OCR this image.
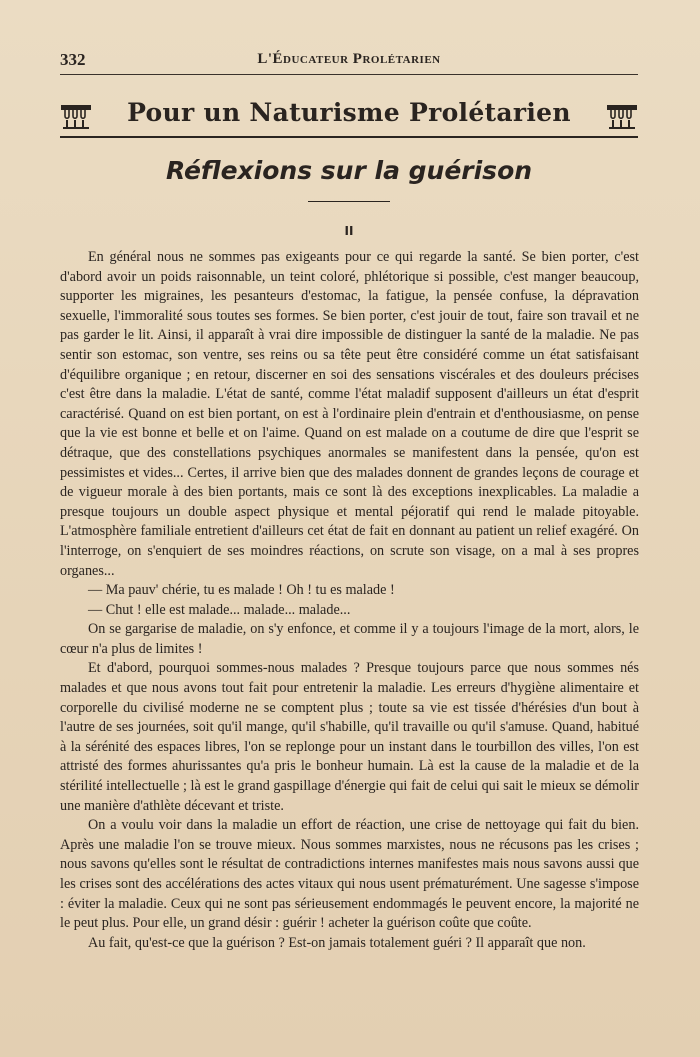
332	L'Éducateur Prolétarien
Pour un Naturisme Prolétarien
Réflexions sur la guérison
II

En général nous ne sommes pas exigeants pour ce qui regarde la santé. Se bien porter, c'est d'abord avoir un poids raisonnable, un teint coloré, phlétorique si possible, c'est manger beaucoup, supporter les migraines, les pesanteurs d'estomac, la fatigue, la pensée confuse, la dépravation sexuelle, l'immoralité sous toutes ses formes. Se bien porter, c'est jouir de tout, faire son travail et ne pas garder le lit. Ainsi, il apparaît à vrai dire impossible de distinguer la santé de la maladie. Ne pas sentir son estomac, son ventre, ses reins ou sa tête peut être considéré comme un état satisfaisant d'équilibre organique ; en retour, discerner en soi des sensations viscérales et des douleurs précises c'est être dans la maladie. L'état de santé, comme l'état maladif supposent d'ailleurs un état d'esprit caractérisé. Quand on est bien portant, on est à l'ordinaire plein d'entrain et d'enthousiasme, on pense que la vie est bonne et belle et on l'aime. Quand on est malade on a coutume de dire que l'esprit se détraque, que des constellations psychiques anormales se manifestent dans la pensée, qu'on est pessimistes et vides... Certes, il arrive bien que des malades donnent de grandes leçons de courage et de vigueur morale à des bien portants, mais ce sont là des exceptions inexplicables. La maladie a presque toujours un double aspect physique et mental péjoratif qui rend le malade pitoyable. L'atmosphère familiale entretient d'ailleurs cet état de fait en donnant au patient un relief exagéré. On l'interroge, on s'enquiert de ses moindres réactions, on scrute son visage, on a mal à ses propres organes...

— Ma pauv' chérie, tu es malade ! Oh ! tu es malade !

— Chut ! elle est malade... malade... malade...

On se gargarise de maladie, on s'y enfonce, et comme il y a toujours l'image de la mort, alors, le cœur n'a plus de limites !

Et d'abord, pourquoi sommes-nous malades ? Presque toujours parce que nous sommes nés malades et que nous avons tout fait pour entretenir la maladie. Les erreurs d'hygiène alimentaire et corporelle du civilisé moderne ne se comptent plus ; toute sa vie est tissée d'hérésies d'un bout à l'autre de ses journées, soit qu'il mange, qu'il s'habille, qu'il travaille ou qu'il s'amuse. Quand, habitué à la sérénité des espaces libres, l'on se replonge pour un instant dans le tourbillon des villes, l'on est attristé des formes ahurissantes qu'a pris le bonheur humain. Là est la cause de la maladie et de la stérilité intellectuelle ; là est le grand gaspillage d'énergie qui fait de celui qui sait le mieux se démolir une manière d'athlète décevant et triste.

On a voulu voir dans la maladie un effort de réaction, une crise de nettoyage qui fait du bien. Après une maladie l'on se trouve mieux. Nous sommes marxistes, nous ne récusons pas les crises ; nous savons qu'elles sont le résultat de contradictions internes manifestes mais nous savons aussi que les crises sont des accélérations des actes vitaux qui nous usent prématurément. Une sagesse s'impose : éviter la maladie. Ceux qui ne sont pas sérieusement endommagés le peuvent encore, la majorité ne le peut plus. Pour elle, un grand désir : guérir ! acheter la guérison coûte que coûte.

Au fait, qu'est-ce que la guérison ? Est-on jamais totalement guéri ? Il apparaît que non.
